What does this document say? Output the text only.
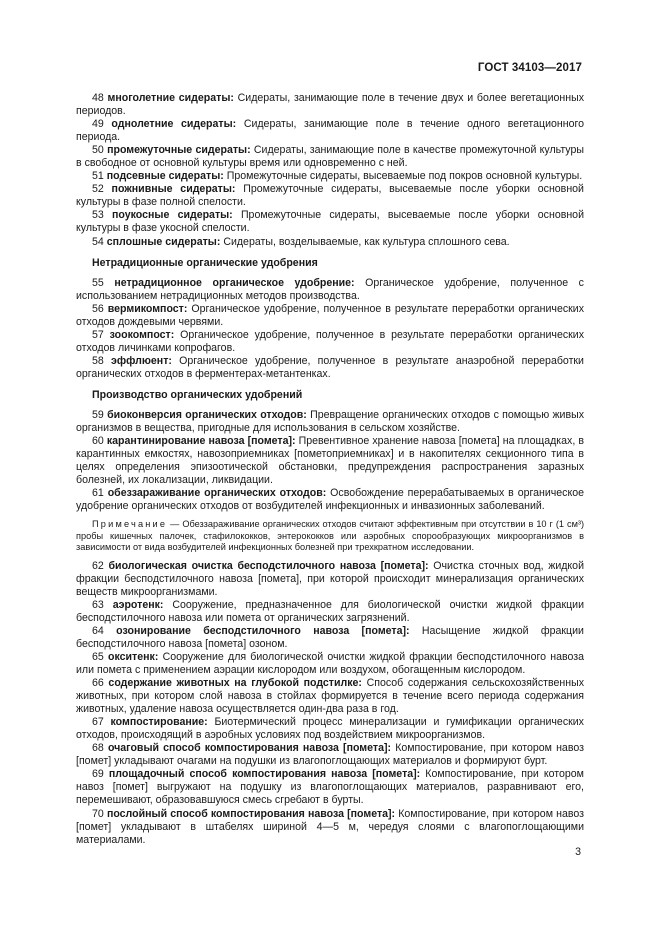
ГОСТ 34103—2017

48 многолетние сидераты: Сидераты, занимающие поле в течение двух и более вегетационных периодов.

49 однолетние сидераты: Сидераты, занимающие поле в течение одного вегетационного периода.

50 промежуточные сидераты: Сидераты, занимающие поле в качестве промежуточной культуры в свободное от основной культуры время или одновременно с ней.

51 подсевные сидераты: Промежуточные сидераты, высеваемые под покров основной культуры.

52 пожнивные сидераты: Промежуточные сидераты, высеваемые после уборки основной культуры в фазе полной спелости.

53 поукосные сидераты: Промежуточные сидераты, высеваемые после уборки основной культуры в фазе укосной спелости.

54 сплошные сидераты: Сидераты, возделываемые, как культура сплошного сева.

Нетрадиционные органические удобрения

55 нетрадиционное органическое удобрение: Органическое удобрение, полученное с использованием нетрадиционных методов производства.

56 вермикомпост: Органическое удобрение, полученное в результате переработки органических отходов дождевыми червями.

57 зоокомпост: Органическое удобрение, полученное в результате переработки органических отходов личинками копрофагов.

58 эффлюент: Органическое удобрение, полученное в результате анаэробной переработки органических отходов в ферментерах-метантенках.

Производство органических удобрений

59 биоконверсия органических отходов: Превращение органических отходов с помощью живых организмов в вещества, пригодные для использования в сельском хозяйстве.

60 карантинирование навоза [помета]: Превентивное хранение навоза [помета] на площадках, в карантинных емкостях, навозоприемниках [пометоприемниках] и в накопителях секционного типа в целях определения эпизоотической обстановки, предупреждения распространения заразных болезней, их локализации, ликвидации.

61 обеззараживание органических отходов: Освобождение перерабатываемых в органическое удобрение органических отходов от возбудителей инфекционных и инвазионных заболеваний.

Примечание — Обеззараживание органических отходов считают эффективным при отсутствии в 10 г (1 см³) пробы кишечных палочек, стафилококков, энтерококков или аэробных спорообразующих микроорганизмов в зависимости от вида возбудителей инфекционных болезней при трехкратном исследовании.

62 биологическая очистка бесподстилочного навоза [помета]: Очистка сточных вод, жидкой фракции бесподстилочного навоза [помета], при которой происходит минерализация органических веществ микроорганизмами.

63 аэротенк: Сооружение, предназначенное для биологической очистки жидкой фракции бесподстилочного навоза или помета от органических загрязнений.

64 озонирование бесподстилочного навоза [помета]: Насыщение жидкой фракции бесподстилочного навоза [помета] озоном.

65 окситенк: Сооружение для биологической очистки жидкой фракции бесподстилочного навоза или помета с применением аэрации кислородом или воздухом, обогащенным кислородом.

66 содержание животных на глубокой подстилке: Способ содержания сельскохозяйственных животных, при котором слой навоза в стойлах формируется в течение всего периода содержания животных, удаление навоза осуществляется один-два раза в год.

67 компостирование: Биотермический процесс минерализации и гумификации органических отходов, происходящий в аэробных условиях под воздействием микроорганизмов.

68 очаговый способ компостирования навоза [помета]: Компостирование, при котором навоз [помет] укладывают очагами на подушки из влагопоглощающих материалов и формируют бурт.

69 площадочный способ компостирования навоза [помета]: Компостирование, при котором навоз [помет] выгружают на подушку из влагопоглощающих материалов, разравнивают его, перемешивают, образовавшуюся смесь сгребают в бурты.

70 послойный способ компостирования навоза [помета]: Компостирование, при котором навоз [помет] укладывают в штабелях шириной 4—5 м, чередуя слоями с влагопоглощающими материалами.

3
